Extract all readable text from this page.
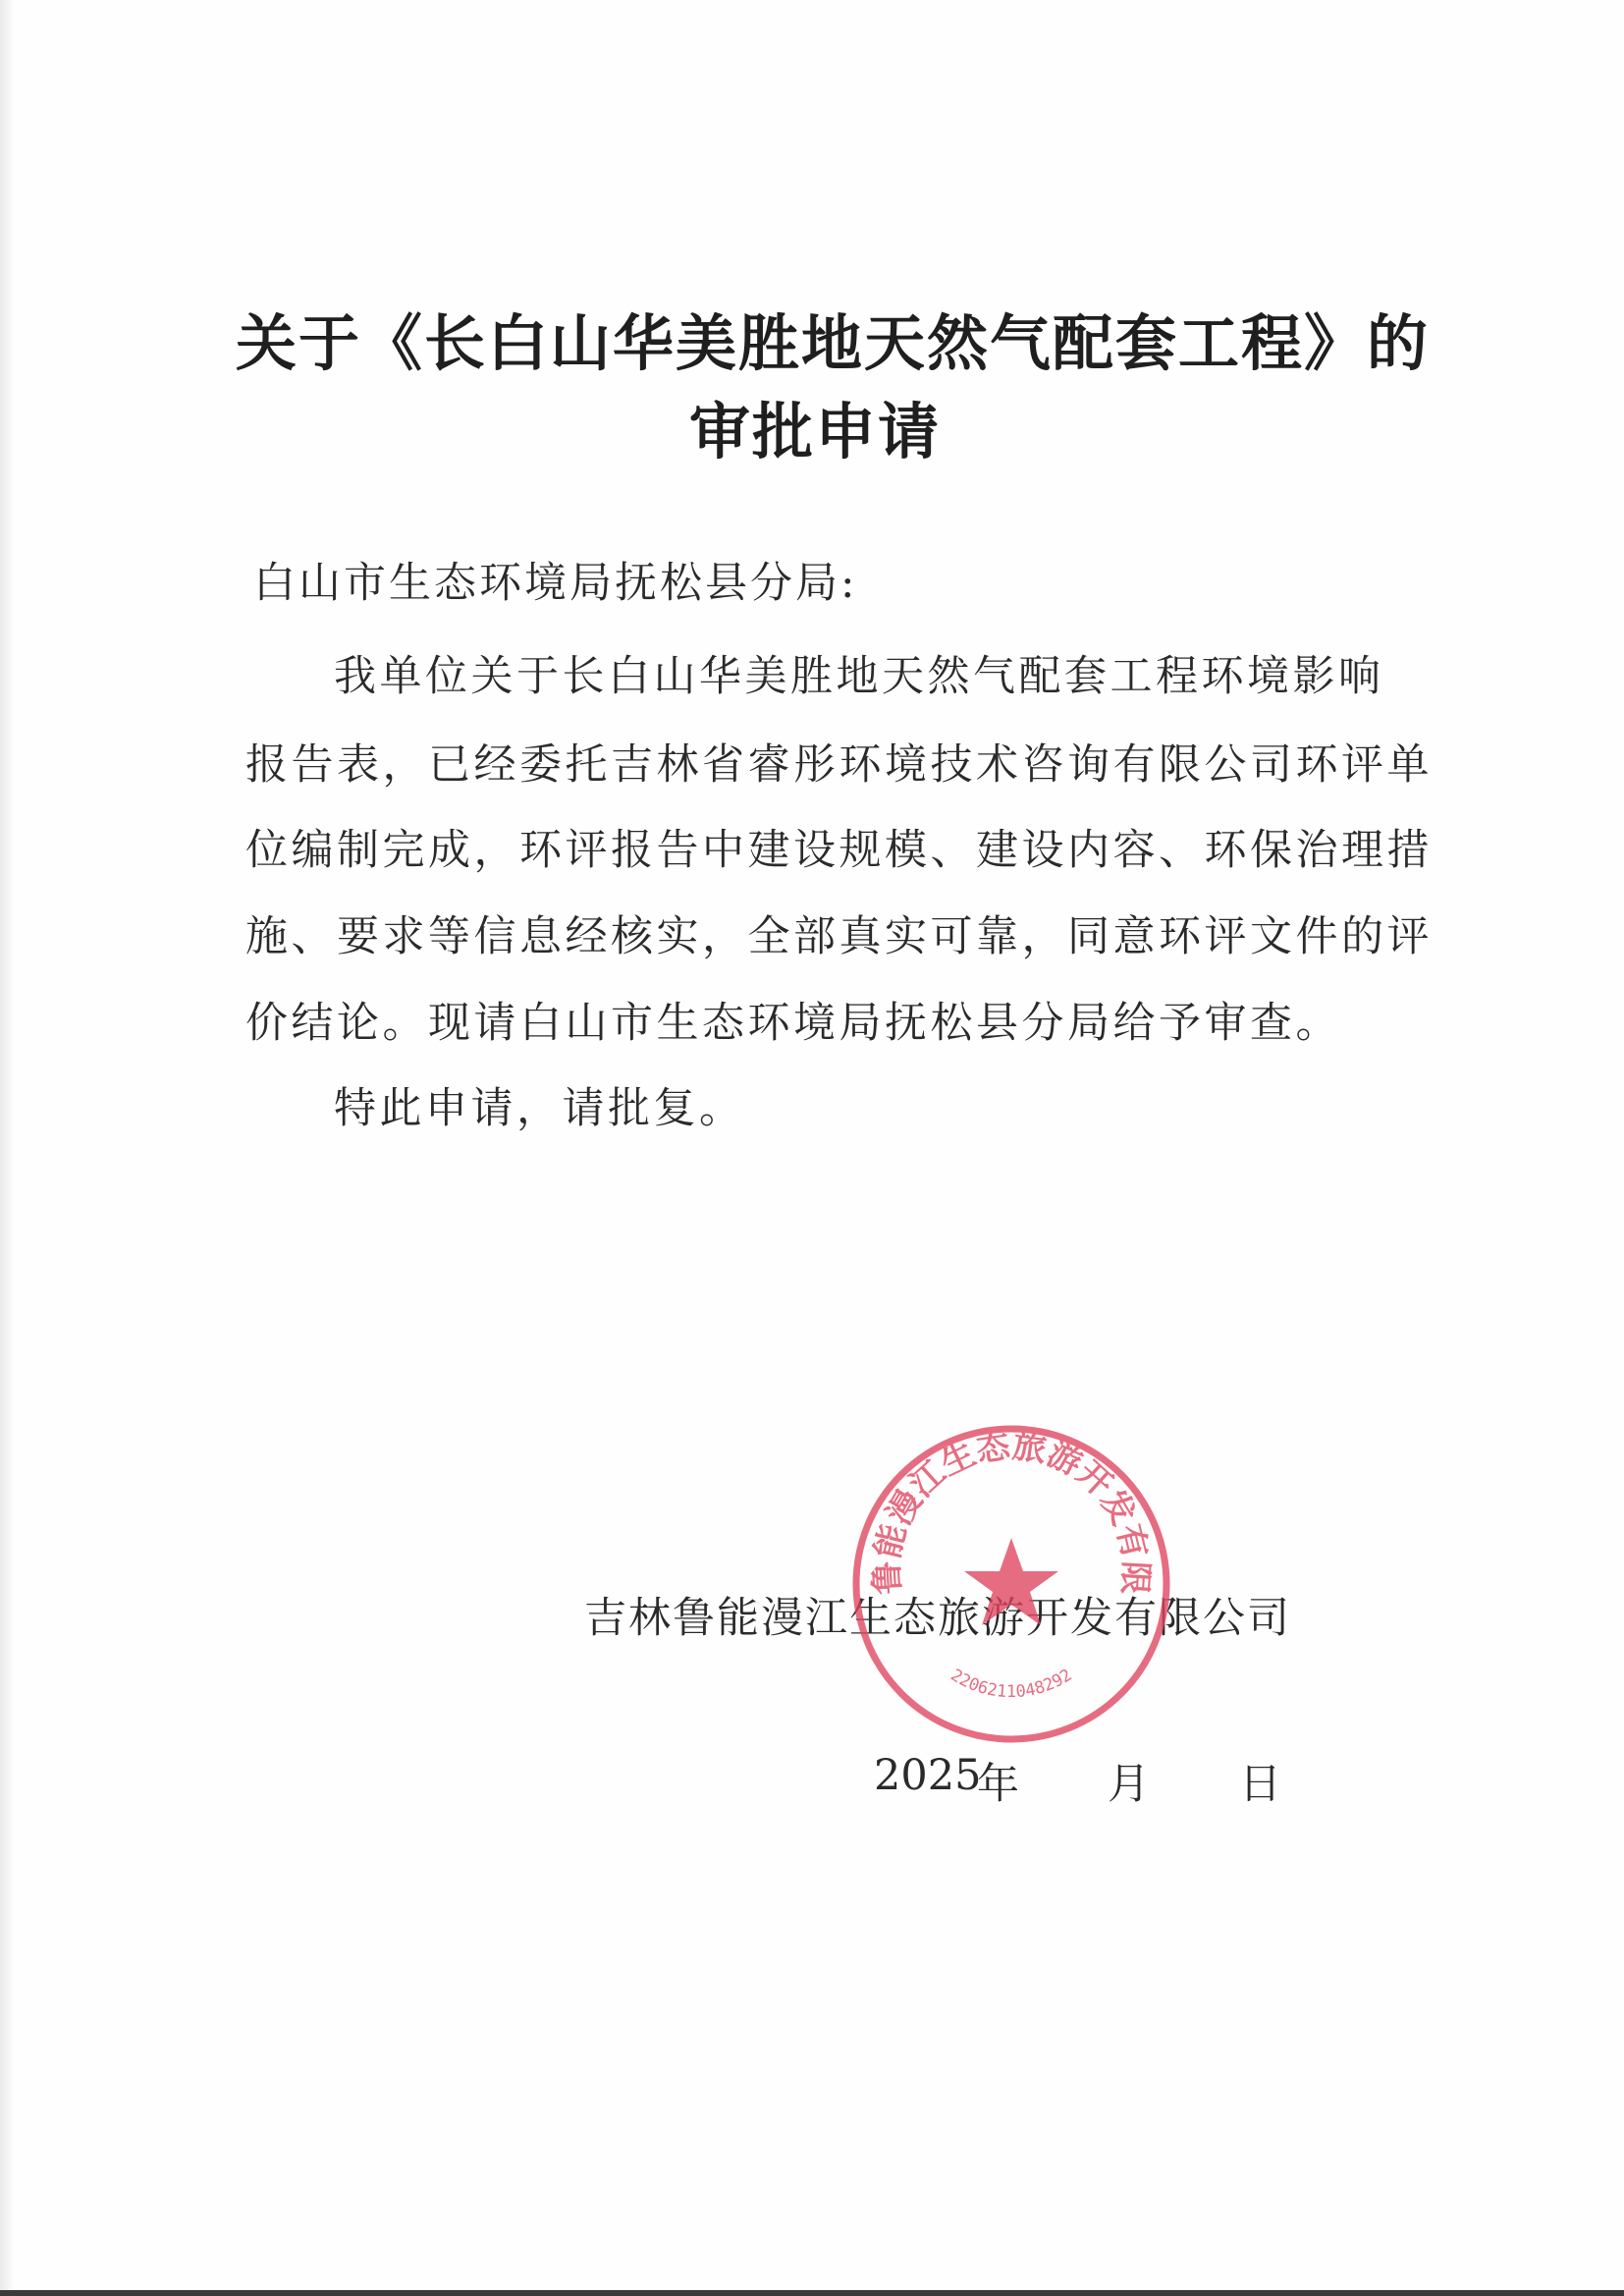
关于《长白山华美胜地天然气配套工程》的
审批申请
白山市生态环境局抚松县分局:
我单位关于长白山华美胜地天然气配套工程环境影响
报告表，已经委托吉林省睿彤环境技术咨询有限公司环评单
位编制完成，环评报告中建设规模、建设内容、环保治理措
施、要求等信息经核实，全部真实可靠，同意环评文件的评
价结论。现请白山市生态环境局抚松县分局给予审查。
特此申请，请批复。
吉林鲁能漫江生态旅游开发有限公司
2025
年 月 日
鲁能漫江生态旅游开发有限
2206211048292
